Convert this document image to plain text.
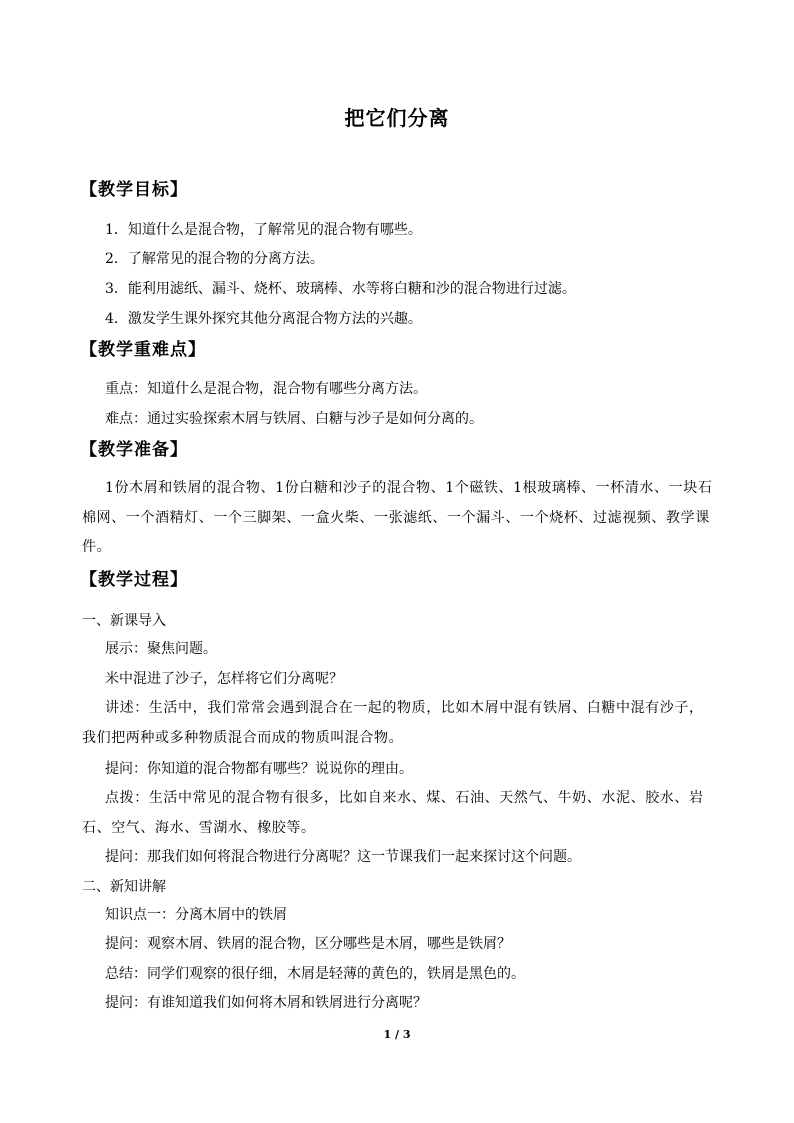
把它们分离
【教学目标】
1．知道什么是混合物，了解常见的混合物有哪些。
2．了解常见的混合物的分离方法。
3．能利用滤纸、漏斗、烧杯、玻璃棒、水等将白糖和沙的混合物进行过滤。
4．激发学生课外探究其他分离混合物方法的兴趣。
【教学重难点】
重点：知道什么是混合物，混合物有哪些分离方法。
难点：通过实验探索木屑与铁屑、白糖与沙子是如何分离的。
【教学准备】
1份木屑和铁屑的混合物、1份白糖和沙子的混合物、1个磁铁、1根玻璃棒、一杯清水、一块石棉网、一个酒精灯、一个三脚架、一盒火柴、一张滤纸、一个漏斗、一个烧杯、过滤视频、教学课件。
【教学过程】
一、新课导入
展示：聚焦问题。
米中混进了沙子，怎样将它们分离呢？
讲述：生活中，我们常常会遇到混合在一起的物质，比如木屑中混有铁屑、白糖中混有沙子，我们把两种或多种物质混合而成的物质叫混合物。
提问：你知道的混合物都有哪些？说说你的理由。
点拨：生活中常见的混合物有很多，比如自来水、煤、石油、天然气、牛奶、水泥、胶水、岩石、空气、海水、雪湖水、橡胶等。
提问：那我们如何将混合物进行分离呢？这一节课我们一起来探讨这个问题。
二、新知讲解
知识点一：分离木屑中的铁屑
提问：观察木屑、铁屑的混合物，区分哪些是木屑，哪些是铁屑？
总结：同学们观察的很仔细，木屑是轻薄的黄色的，铁屑是黑色的。
提问：有谁知道我们如何将木屑和铁屑进行分离呢？
1 / 3
